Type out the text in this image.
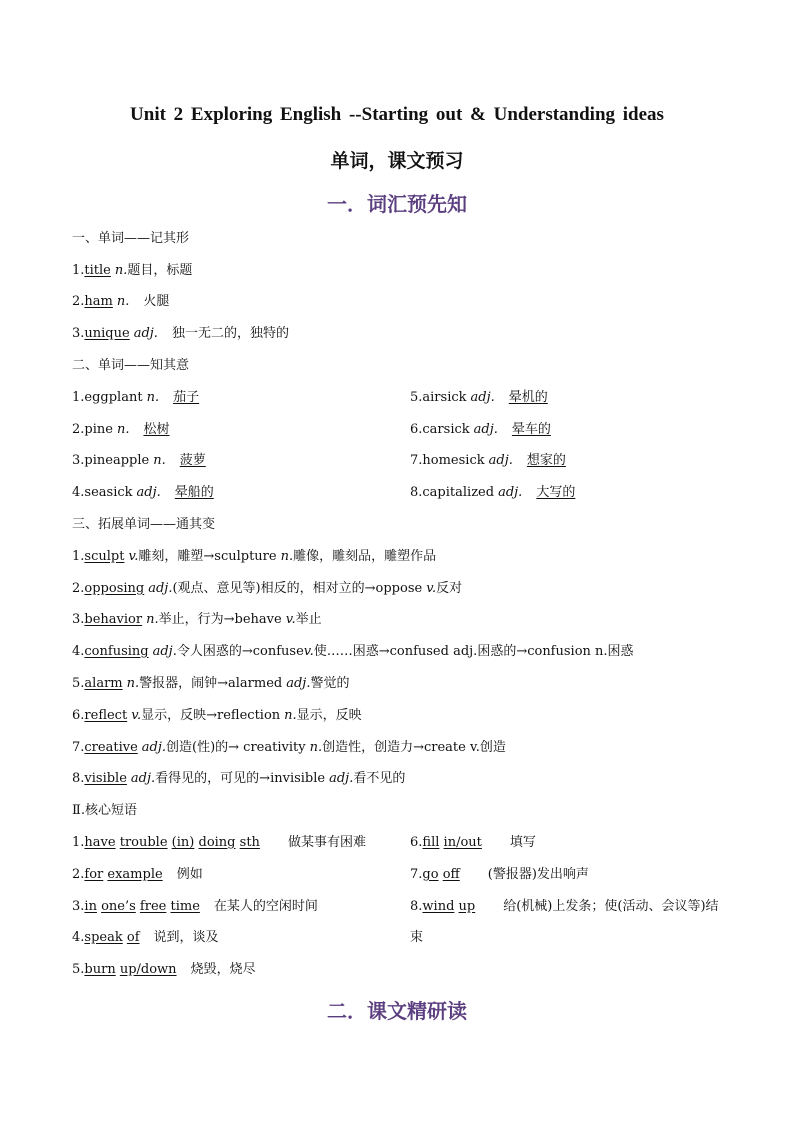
Unit 2 Exploring English --Starting out & Understanding ideas
单词，课文预习
一．词汇预先知
一、单词——记其形
1.title n.题目，标题
2.ham n. 火腿
3.unique adj. 独一无二的，独特的
二、单词——知其意
1.eggplant n. 茄子
2.pine n. 松树
3.pineapple n. 菠萝
4.seasick adj. 晕船的
5.airsick adj. 晕机的
6.carsick adj. 晕车的
7.homesick adj. 想家的
8.capitalized adj. 大写的
三、拓展单词——通其变
1.sculpt v.雕刻，雕塑→sculpture n.雕像，雕刻品，雕塑作品
2.opposing adj.(观点、意见等)相反的，相对立的→oppose v.反对
3.behavior n.举止，行为→behave v.举止
4.confusing adj.令人困惑的→confusev.使……困惑→confused adj.困惑的→confusion n.困惑
5.alarm n.警报器，闹钟→alarmed adj.警觉的
6.reflect v.显示，反映→reflection n.显示，反映
7.creative adj.创造(性)的→ creativity n.创造性，创造力→create v.创造
8.visible adj.看得见的，可见的→invisible adj.看不见的
Ⅱ.核心短语
1.have trouble (in) doing sth 做某事有困难
2.for example 例如
3.in one’s free time 在某人的空闲时间
4.speak of 说到，谈及
5.burn up/down 烧毁，烧尽
6.fill in/out 填写
7.go off (警报器)发出响声
8.wind up 给(机械)上发条；使(活动、会议等)结
束
二．课文精研读
